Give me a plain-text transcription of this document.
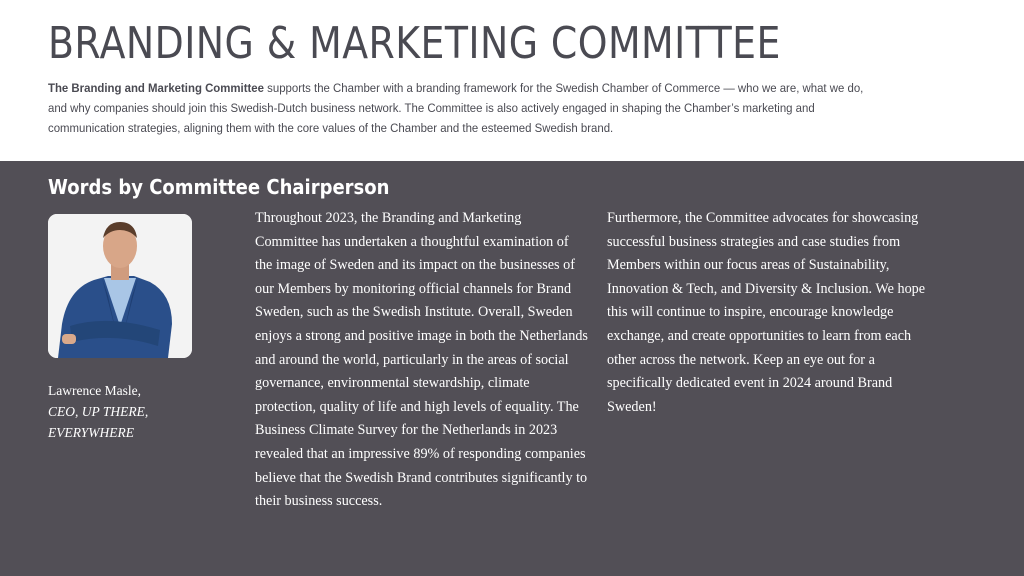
BRANDING & MARKETING COMMITTEE

The Branding and Marketing Committee supports the Chamber with a branding framework for the Swedish Chamber of Commerce — who we are, what we do, and why companies should join this Swedish-Dutch business network. The Committee is also actively engaged in shaping the Chamber’s marketing and communication strategies, aligning them with the core values of the Chamber and the esteemed Swedish brand.

Words by Committee Chairperson
Lawrence Masle,
CEO, UP THERE,
EVERYWHERE

Throughout 2023, the Branding and Marketing
Committee has undertaken a thoughtful examination of
the image of Sweden and its impact on the businesses of
our Members by monitoring official channels for Brand
Sweden, such as the Swedish Institute. Overall, Sweden
enjoys a strong and positive image in both the Netherlands
and around the world, particularly in the areas of social
governance, environmental stewardship, climate
protection, quality of life and high levels of equality. The
Business Climate Survey for the Netherlands in 2023
revealed that an impressive 89% of responding companies
believe that the Swedish Brand contributes significantly to
their business success.

Furthermore, the Committee advocates for showcasing
successful business strategies and case studies from
Members within our focus areas of Sustainability,
Innovation & Tech, and Diversity & Inclusion. We hope
this will continue to inspire, encourage knowledge
exchange, and create opportunities to learn from each
other across the network. Keep an eye out for a
specifically dedicated event in 2024 around Brand
Sweden!
